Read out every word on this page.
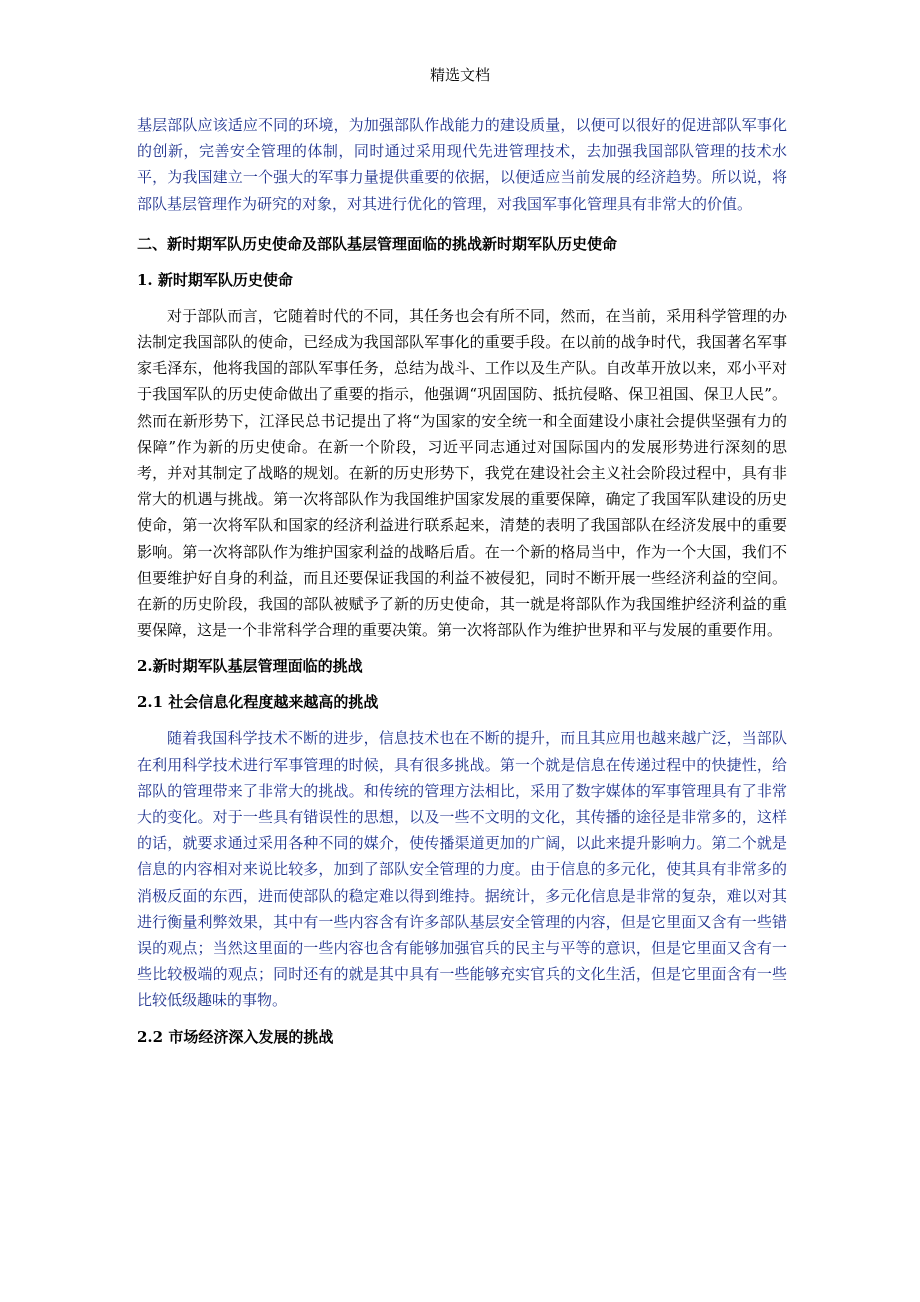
精选文档

基层部队应该适应不同的环境，为加强部队作战能力的建设质量，以便可以很好的促进部队军事化的创新，完善安全管理的体制，同时通过采用现代先进管理技术，去加强我国部队管理的技术水平，为我国建立一个强大的军事力量提供重要的依据，以便适应当前发展的经济趋势。所以说，将部队基层管理作为研究的对象，对其进行优化的管理，对我国军事化管理具有非常大的价值。

二、新时期军队历史使命及部队基层管理面临的挑战新时期军队历史使命

1. 新时期军队历史使命

对于部队而言，它随着时代的不同，其任务也会有所不同，然而，在当前，采用科学管理的办法制定我国部队的使命，已经成为我国部队军事化的重要手段。在以前的战争时代，我国著名军事家毛泽东，他将我国的部队军事任务，总结为战斗、工作以及生产队。自改革开放以来，邓小平对于我国军队的历史使命做出了重要的指示，他强调“巩固国防、抵抗侵略、保卫祖国、保卫人民”。然而在新形势下，江泽民总书记提出了将“为国家的安全统一和全面建设小康社会提供坚强有力的保障”作为新的历史使命。在新一个阶段，习近平同志通过对国际国内的发展形势进行深刻的思考，并对其制定了战略的规划。在新的历史形势下，我党在建设社会主义社会阶段过程中，具有非常大的机遇与挑战。第一次将部队作为我国维护国家发展的重要保障，确定了我国军队建设的历史使命，第一次将军队和国家的经济利益进行联系起来，清楚的表明了我国部队在经济发展中的重要影响。第一次将部队作为维护国家利益的战略后盾。在一个新的格局当中，作为一个大国，我们不但要维护好自身的利益，而且还要保证我国的利益不被侵犯，同时不断开展一些经济利益的空间。在新的历史阶段，我国的部队被赋予了新的历史使命，其一就是将部队作为我国维护经济利益的重要保障，这是一个非常科学合理的重要决策。第一次将部队作为维护世界和平与发展的重要作用。

2.新时期军队基层管理面临的挑战

2.1 社会信息化程度越来越高的挑战

随着我国科学技术不断的进步，信息技术也在不断的提升，而且其应用也越来越广泛，当部队在利用科学技术进行军事管理的时候，具有很多挑战。第一个就是信息在传递过程中的快捷性，给部队的管理带来了非常大的挑战。和传统的管理方法相比，采用了数字媒体的军事管理具有了非常大的变化。对于一些具有错误性的思想，以及一些不文明的文化，其传播的途径是非常多的，这样的话，就要求通过采用各种不同的媒介，使传播渠道更加的广阔，以此来提升影响力。第二个就是信息的内容相对来说比较多，加到了部队安全管理的力度。由于信息的多元化，使其具有非常多的消极反面的东西，进而使部队的稳定难以得到维持。据统计，多元化信息是非常的复杂，难以对其进行衡量利弊效果，其中有一些内容含有许多部队基层安全管理的内容，但是它里面又含有一些错误的观点；当然这里面的一些内容也含有能够加强官兵的民主与平等的意识，但是它里面又含有一些比较极端的观点；同时还有的就是其中具有一些能够充实官兵的文化生活，但是它里面含有一些比较低级趣味的事物。

2.2 市场经济深入发展的挑战
